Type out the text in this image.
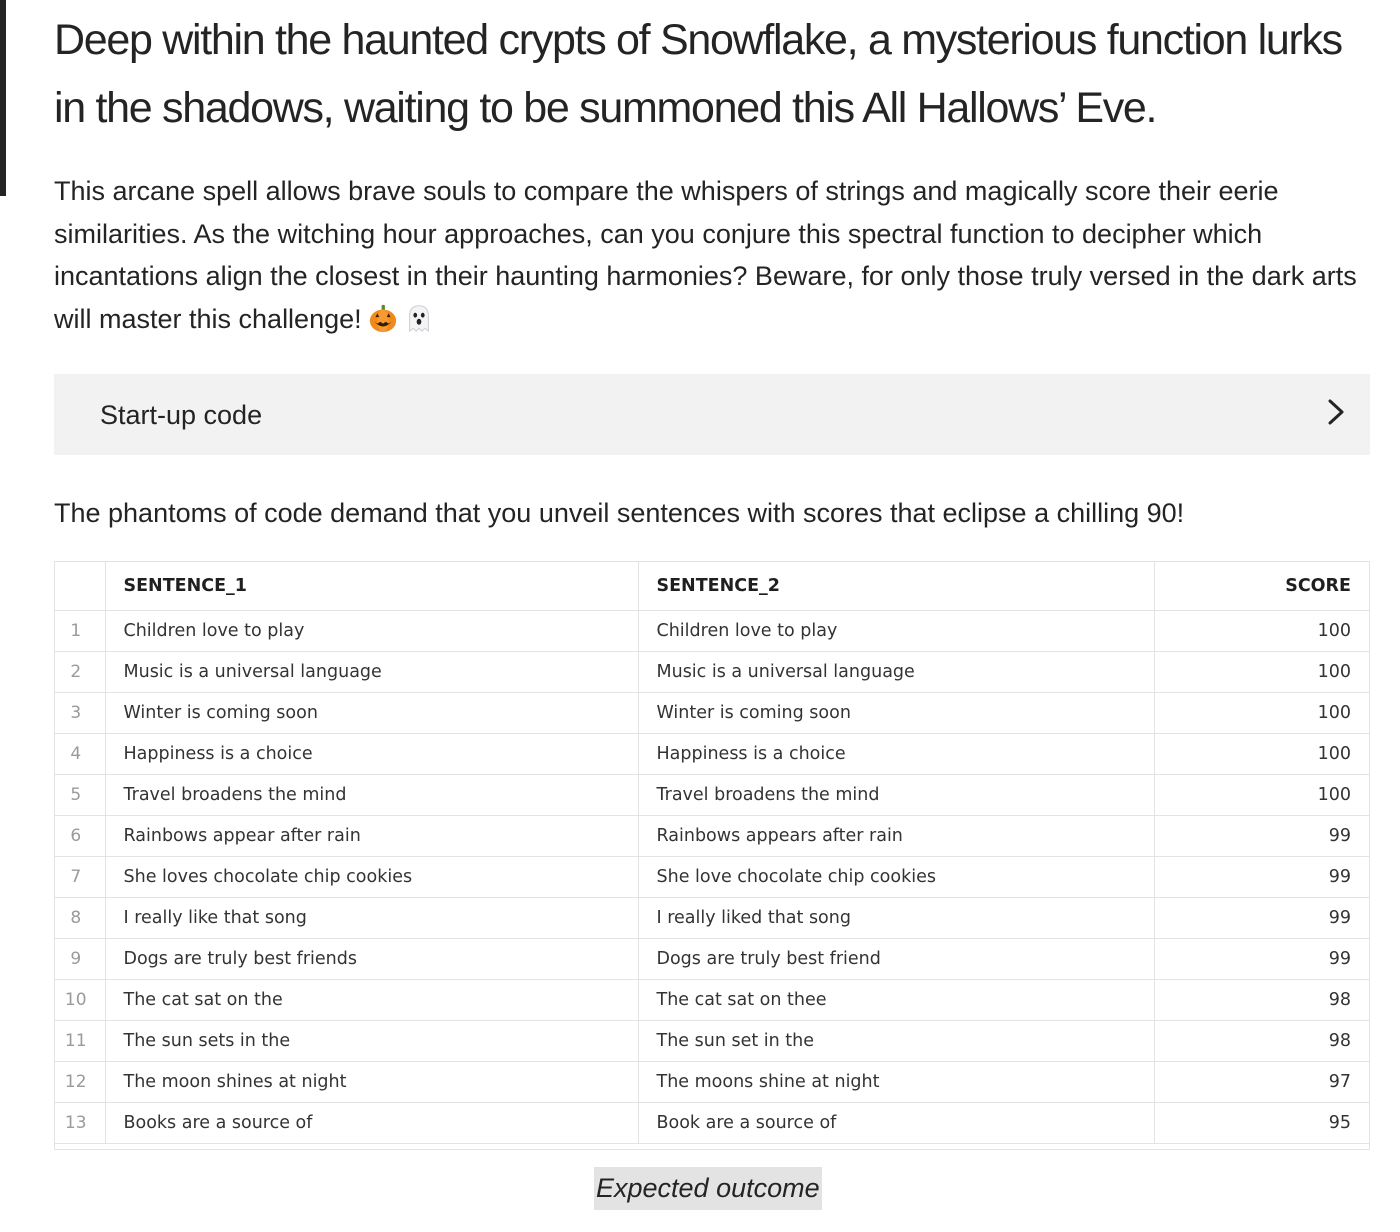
Deep within the haunted crypts of Snowflake, a mysterious function lurks in the shadows, waiting to be summoned this All Hallows’ Eve.

This arcane spell allows brave souls to compare the whispers of strings and magically score their eerie similarities. As the witching hour approaches, can you conjure this spectral function to decipher which incantations align the closest in their haunting harmonies? Beware, for only those truly versed in the dark arts will master this challenge!

Start-up code

The phantoms of code demand that you unveil sentences with scores that eclipse a chilling 90!

	SENTENCE_1	SENTENCE_2	SCORE
1	Children love to play	Children love to play	100
2	Music is a universal language	Music is a universal language	100
3	Winter is coming soon	Winter is coming soon	100
4	Happiness is a choice	Happiness is a choice	100
5	Travel broadens the mind	Travel broadens the mind	100
6	Rainbows appear after rain	Rainbows appears after rain	99
7	She loves chocolate chip cookies	She love chocolate chip cookies	99
8	I really like that song	I really liked that song	99
9	Dogs are truly best friends	Dogs are truly best friend	99
10	The cat sat on the	The cat sat on thee	98
11	The sun sets in the	The sun set in the	98
12	The moon shines at night	The moons shine at night	97
13	Books are a source of	Book are a source of	95
Expected outcome
